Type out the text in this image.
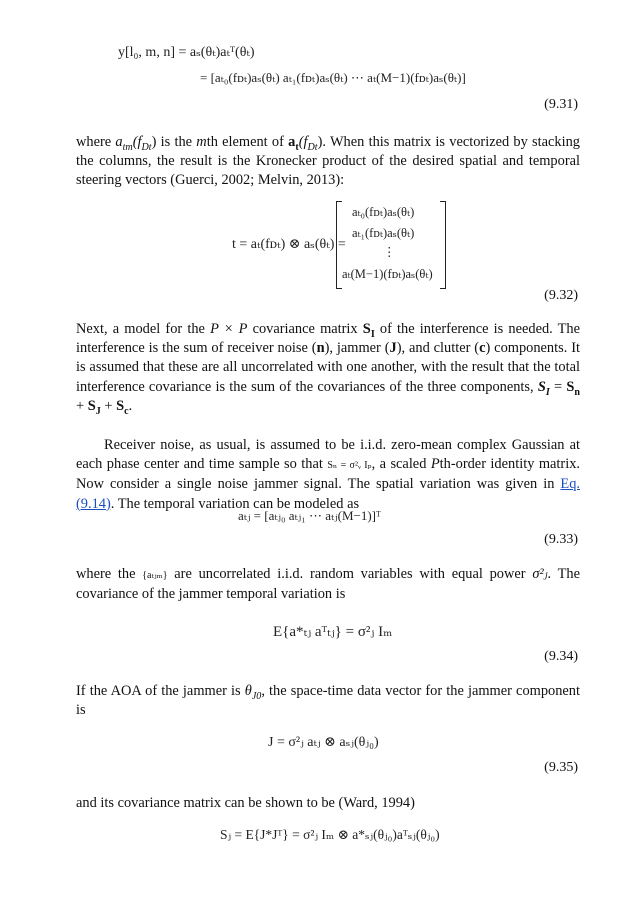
y[l₀, m, n] = aₛ(θₜ)aₜᵀ(θₜ)
= [aₜ₀(fᴅₜ)aₛ(θₜ) aₜ₁(fᴅₜ)aₛ(θₜ) ⋯ aₜ(M−1)(fᴅₜ)aₛ(θₜ)]
(9.31)
where $a_{tm}(f_{Dt})$ is the mth element of $a_t(f_{Dt})$. When this matrix is vectorized by stacking the columns, the result is the Kronecker product of the desired spatial and temporal steering vectors (Guerci, 2002; Melvin, 2013):
t = aₜ(fᴅₜ) ⊗ aₛ(θₜ) =
aₜ₀(fᴅₜ)aₛ(θₜ)
aₜ₁(fᴅₜ)aₛ(θₜ)
⋮
aₜ(M−1)(fᴅₜ)aₛ(θₜ)
(9.32)
Next, a model for the P × P covariance matrix $S_I$ of the interference is needed. The interference is the sum of receiver noise (n), jammer (J), and clutter (c) components. It is assumed that these are all uncorrelated with one another, with the result that the total interference covariance is the sum of the covariances of the three components, $S_I = S_n + S_J + S_c$.
Receiver noise, as usual, is assumed to be i.i.d. zero-mean complex Gaussian at each phase center and time sample so that Sₙ = σ²ᵥ Iₚ, a scaled Pth-order identity matrix. Now consider a single noise jammer signal. The spatial variation was given in Eq. (9.14). The temporal variation can be modeled as
aₜⱼ = [aₜⱼ₀ aₜⱼ₁ ⋯ aₜⱼ(M−1)]ᵀ
(9.33)
where the {aₜⱼₘ} are uncorrelated i.i.d. random variables with equal power σ²ⱼ. The covariance of the jammer temporal variation is
E{a*ₜⱼ aᵀₜⱼ} = σ²ⱼ Iₘ
(9.34)
If the AOA of the jammer is $\theta_{J0}$, the space-time data vector for the jammer component is
J = σ²ⱼ aₜⱼ ⊗ aₛⱼ(θⱼ₀)
(9.35)
and its covariance matrix can be shown to be (Ward, 1994)
Sⱼ = E{J*Jᵀ} = σ²ⱼ Iₘ ⊗ a*ₛⱼ(θⱼ₀)aᵀₛⱼ(θⱼ₀)
